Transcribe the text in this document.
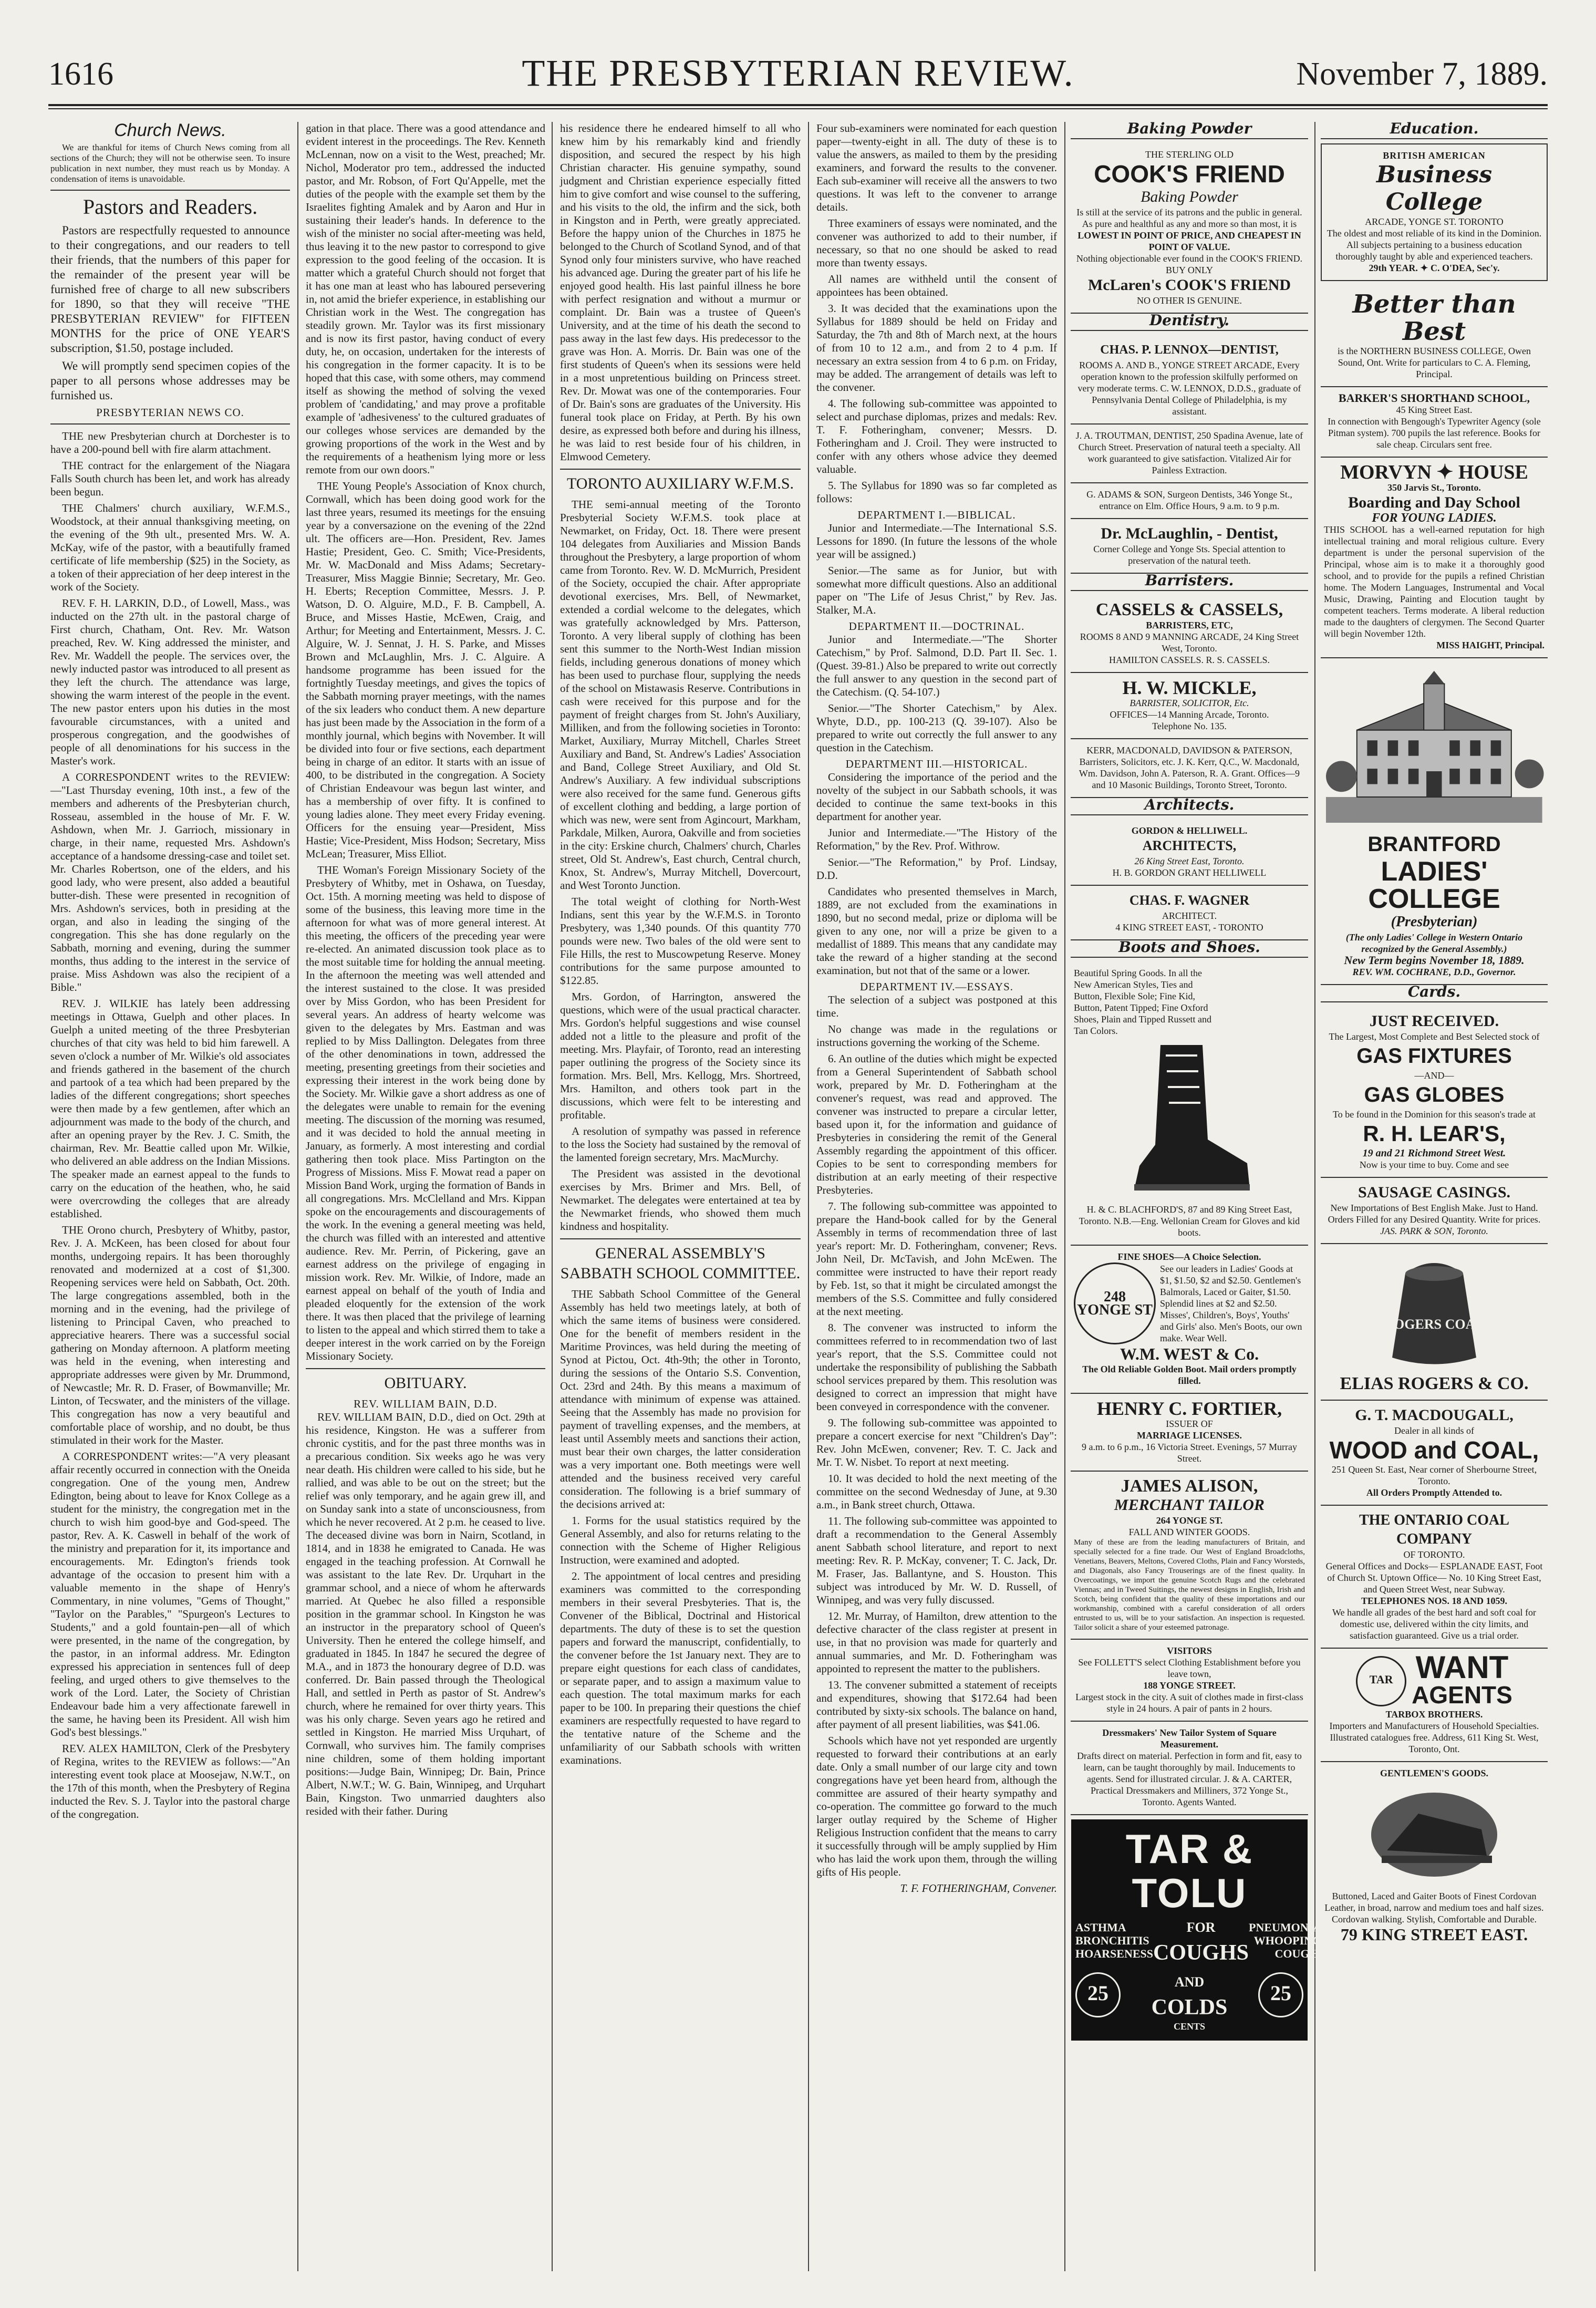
1616	THE PRESBYTERIAN REVIEW.	November 7, 1889.
Church News.

We are thankful for items of Church News coming from all sections of the Church; they will not be otherwise seen. To insure publication in next number, they must reach us by Monday. A condensation of items is unavoidable.

Pastors and Readers.

Pastors are respectfully requested to announce to their congregations, and our readers to tell their friends, that the numbers of this paper for the remainder of the present year will be furnished free of charge to all new subscribers for 1890, so that they will receive "THE PRESBYTERIAN REVIEW" for FIFTEEN MONTHS for the price of ONE YEAR'S subscription, $1.50, postage included.

We will promptly send specimen copies of the paper to all persons whose addresses may be furnished us.

PRESBYTERIAN NEWS CO.

THE new Presbyterian church at Dorchester is to have a 200-pound bell with fire alarm attachment.

THE contract for the enlargement of the Niagara Falls South church has been let, and work has already been begun.

THE Chalmers' church auxiliary, W.F.M.S., Woodstock, at their annual thanksgiving meeting, on the evening of the 9th ult., presented Mrs. W. A. McKay, wife of the pastor, with a beautifully framed certificate of life membership ($25) in the Society, as a token of their appreciation of her deep interest in the work of the Society.

REV. F. H. LARKIN, D.D., of Lowell, Mass., was inducted on the 27th ult. in the pastoral charge of First church, Chatham, Ont. Rev. Mr. Watson preached, Rev. W. King addressed the minister, and Rev. Mr. Waddell the people. The services over, the newly inducted pastor was introduced to all present as they left the church. The attendance was large, showing the warm interest of the people in the event. The new pastor enters upon his duties in the most favourable circumstances, with a united and prosperous congregation, and the goodwishes of people of all denominations for his success in the Master's work.

A CORRESPONDENT writes to the REVIEW:—"Last Thursday evening, 10th inst., a few of the members and adherents of the Presbyterian church, Rosseau, assembled in the house of Mr. F. W. Ashdown, when Mr. J. Garrioch, missionary in charge, in their name, requested Mrs. Ashdown's acceptance of a handsome dressing-case and toilet set. Mr. Charles Robertson, one of the elders, and his good lady, who were present, also added a beautiful butter-dish. These were presented in recognition of Mrs. Ashdown's services, both in presiding at the organ, and also in leading the singing of the congregation. This she has done regularly on the Sabbath, morning and evening, during the summer months, thus adding to the interest in the service of praise. Miss Ashdown was also the recipient of a Bible."

REV. J. WILKIE has lately been addressing meetings in Ottawa, Guelph and other places. In Guelph a united meeting of the three Presbyterian churches of that city was held to bid him farewell. A seven o'clock a number of Mr. Wilkie's old associates and friends gathered in the basement of the church and partook of a tea which had been prepared by the ladies of the different congregations; short speeches were then made by a few gentlemen, after which an adjournment was made to the body of the church, and after an opening prayer by the Rev. J. C. Smith, the chairman, Rev. Mr. Beattie called upon Mr. Wilkie, who delivered an able address on the Indian Missions. The speaker made an earnest appeal to the funds to carry on the education of the heathen, who, he said were overcrowding the colleges that are already established.

THE Orono church, Presbytery of Whitby, pastor, Rev. J. A. McKeen, has been closed for about four months, undergoing repairs. It has been thoroughly renovated and modernized at a cost of $1,300. Reopening services were held on Sabbath, Oct. 20th. The large congregations assembled, both in the morning and in the evening, had the privilege of listening to Principal Caven, who preached to appreciative hearers. There was a successful social gathering on Monday afternoon. A platform meeting was held in the evening, when interesting and appropriate addresses were given by Mr. Drummond, of Newcastle; Mr. R. D. Fraser, of Bowmanville; Mr. Linton, of Tecswater, and the ministers of the village. This congregation has now a very beautiful and comfortable place of worship, and no doubt, be thus stimulated in their work for the Master.

A CORRESPONDENT writes:—"A very pleasant affair recently occurred in connection with the Oneida congregation. One of the young men, Andrew Edington, being about to leave for Knox College as a student for the ministry, the congregation met in the church to wish him good-bye and God-speed. The pastor, Rev. A. K. Caswell in behalf of the work of the ministry and preparation for it, its importance and encouragements. Mr. Edington's friends took advantage of the occasion to present him with a valuable memento in the shape of Henry's Commentary, in nine volumes, "Gems of Thought," "Taylor on the Parables," "Spurgeon's Lectures to Students," and a gold fountain-pen—all of which were presented, in the name of the congregation, by the pastor, in an informal address. Mr. Edington expressed his appreciation in sentences full of deep feeling, and urged others to give themselves to the work of the Lord. Later, the Society of Christian Endeavour bade him a very affectionate farewell in the same, he having been its President. All wish him God's best blessings."

REV. ALEX HAMILTON, Clerk of the Presbytery of Regina, writes to the REVIEW as follows:—"An interesting event took place at Moosejaw, N.W.T., on the 17th of this month, when the Presbytery of Regina inducted the Rev. S. J. Taylor into the pastoral charge of the congregation.

gation in that place. There was a good attendance and evident interest in the proceedings. The Rev. Kenneth McLennan, now on a visit to the West, preached; Mr. Nichol, Moderator pro tem., addressed the inducted pastor, and Mr. Robson, of Fort Qu'Appelle, met the duties of the people with the example set them by the Israelites fighting Amalek and by Aaron and Hur in sustaining their leader's hands. In deference to the wish of the minister no social after-meeting was held, thus leaving it to the new pastor to correspond to give expression to the good feeling of the occasion. It is matter which a grateful Church should not forget that it has one man at least who has laboured persevering in, not amid the briefer experience, in establishing our Christian work in the West. The congregation has steadily grown. Mr. Taylor was its first missionary and is now its first pastor, having conduct of every duty, he, on occasion, undertaken for the interests of his congregation in the former capacity. It is to be hoped that this case, with some others, may commend itself as showing the method of solving the vexed problem of 'candidating,' and may prove a profitable example of 'adhesiveness' to the cultured graduates of our colleges whose services are demanded by the growing proportions of the work in the West and by the requirements of a heathenism lying more or less remote from our own doors."

THE Young People's Association of Knox church, Cornwall, which has been doing good work for the last three years, resumed its meetings for the ensuing year by a conversazione on the evening of the 22nd ult. The officers are—Hon. President, Rev. James Hastie; President, Geo. C. Smith; Vice-Presidents, Mr. W. MacDonald and Miss Adams; Secretary-Treasurer, Miss Maggie Binnie; Secretary, Mr. Geo. H. Eberts; Reception Committee, Messrs. J. P. Watson, D. O. Alguire, M.D., F. B. Campbell, A. Bruce, and Misses Hastie, McEwen, Craig, and Arthur; for Meeting and Entertainment, Messrs. J. C. Alguire, W. J. Sennat, J. H. S. Parke, and Misses Brown and McLaughlin, Mrs. J. C. Alguire. A handsome programme has been issued for the fortnightly Tuesday meetings, and gives the topics of the Sabbath morning prayer meetings, with the names of the six leaders who conduct them. A new departure has just been made by the Association in the form of a monthly journal, which begins with November. It will be divided into four or five sections, each department being in charge of an editor. It starts with an issue of 400, to be distributed in the congregation. A Society of Christian Endeavour was begun last winter, and has a membership of over fifty. It is confined to young ladies alone. They meet every Friday evening. Officers for the ensuing year—President, Miss Hastie; Vice-President, Miss Hodson; Secretary, Miss McLean; Treasurer, Miss Elliot.

THE Woman's Foreign Missionary Society of the Presbytery of Whitby, met in Oshawa, on Tuesday, Oct. 15th. A morning meeting was held to dispose of some of the business, this leaving more time in the afternoon for what was of more general interest. At this meeting, the officers of the preceding year were re-elected. An animated discussion took place as to the most suitable time for holding the annual meeting. In the afternoon the meeting was well attended and the interest sustained to the close. It was presided over by Miss Gordon, who has been President for several years. An address of hearty welcome was given to the delegates by Mrs. Eastman and was replied to by Miss Dallington. Delegates from three of the other denominations in town, addressed the meeting, presenting greetings from their societies and expressing their interest in the work being done by the Society. Mr. Wilkie gave a short address as one of the delegates were unable to remain for the evening meeting. The discussion of the morning was resumed, and it was decided to hold the annual meeting in January, as formerly. A most interesting and cordial gathering then took place. Miss Partington on the Progress of Missions. Miss F. Mowat read a paper on Mission Band Work, urging the formation of Bands in all congregations. Mrs. McClelland and Mrs. Kippan spoke on the encouragements and discouragements of the work. In the evening a general meeting was held, the church was filled with an interested and attentive audience. Rev. Mr. Perrin, of Pickering, gave an earnest address on the privilege of engaging in mission work. Rev. Mr. Wilkie, of Indore, made an earnest appeal on behalf of the youth of India and pleaded eloquently for the extension of the work there. It was then placed that the privilege of learning to listen to the appeal and which stirred them to take a deeper interest in the work carried on by the Foreign Missionary Society.

OBITUARY.
REV. WILLIAM BAIN, D.D.

REV. WILLIAM BAIN, D.D., died on Oct. 29th at his residence, Kingston. He was a sufferer from chronic cystitis, and for the past three months was in a precarious condition. Six weeks ago he was very near death. His children were called to his side, but he rallied, and was able to be out on the street; but the relief was only temporary, and he again grew ill, and on Sunday sank into a state of unconsciousness, from which he never recovered. At 2 p.m. he ceased to live. The deceased divine was born in Nairn, Scotland, in 1814, and in 1838 he emigrated to Canada. He was engaged in the teaching profession. At Cornwall he was assistant to the late Rev. Dr. Urquhart in the grammar school, and a niece of whom he afterwards married. At Quebec he also filled a responsible position in the grammar school. In Kingston he was an instructor in the preparatory school of Queen's University. Then he entered the college himself, and graduated in 1845. In 1847 he secured the degree of M.A., and in 1873 the honourary degree of D.D. was conferred. Dr. Bain passed through the Theological Hall, and settled in Perth as pastor of St. Andrew's church, where he remained for over thirty years. This was his only charge. Seven years ago he retired and settled in Kingston. He married Miss Urquhart, of Cornwall, who survives him. The family comprises nine children, some of them holding important positions:—Judge Bain, Winnipeg; Dr. Bain, Prince Albert, N.W.T.; W. G. Bain, Winnipeg, and Urquhart Bain, Kingston. Two unmarried daughters also resided with their father. During

his residence there he endeared himself to all who knew him by his remarkably kind and friendly disposition, and secured the respect by his high Christian character. His genuine sympathy, sound judgment and Christian experience especially fitted him to give comfort and wise counsel to the suffering, and his visits to the old, the infirm and the sick, both in Kingston and in Perth, were greatly appreciated. Before the happy union of the Churches in 1875 he belonged to the Church of Scotland Synod, and of that Synod only four ministers survive, who have reached his advanced age. During the greater part of his life he enjoyed good health. His last painful illness he bore with perfect resignation and without a murmur or complaint. Dr. Bain was a trustee of Queen's University, and at the time of his death the second to pass away in the last few days. His predecessor to the grave was Hon. A. Morris. Dr. Bain was one of the first students of Queen's when its sessions were held in a most unpretentious building on Princess street. Rev. Dr. Mowat was one of the contemporaries. Four of Dr. Bain's sons are graduates of the University. His funeral took place on Friday, at Perth. By his own desire, as expressed both before and during his illness, he was laid to rest beside four of his children, in Elmwood Cemetery.

TORONTO AUXILIARY W.F.M.S.

THE semi-annual meeting of the Toronto Presbyterial Society W.F.M.S. took place at Newmarket, on Friday, Oct. 18. There were present 104 delegates from Auxiliaries and Mission Bands throughout the Presbytery, a large proportion of whom came from Toronto. Rev. W. D. McMurrich, President of the Society, occupied the chair. After appropriate devotional exercises, Mrs. Bell, of Newmarket, extended a cordial welcome to the delegates, which was gratefully acknowledged by Mrs. Patterson, Toronto. A very liberal supply of clothing has been sent this summer to the North-West Indian mission fields, including generous donations of money which has been used to purchase flour, supplying the needs of the school on Mistawasis Reserve. Contributions in cash were received for this purpose and for the payment of freight charges from St. John's Auxiliary, Milliken, and from the following societies in Toronto: Market, Auxiliary, Murray Mitchell, Charles Street Auxiliary and Band, St. Andrew's Ladies' Association and Band, College Street Auxiliary, and Old St. Andrew's Auxiliary. A few individual subscriptions were also received for the same fund. Generous gifts of excellent clothing and bedding, a large portion of which was new, were sent from Agincourt, Markham, Parkdale, Milken, Aurora, Oakville and from societies in the city: Erskine church, Chalmers' church, Charles street, Old St. Andrew's, East church, Central church, Knox, St. Andrew's, Murray Mitchell, Dovercourt, and West Toronto Junction.

The total weight of clothing for North-West Indians, sent this year by the W.F.M.S. in Toronto Presbytery, was 1,340 pounds. Of this quantity 770 pounds were new. Two bales of the old were sent to File Hills, the rest to Muscowpetung Reserve. Money contributions for the same purpose amounted to $122.85.

Mrs. Gordon, of Harrington, answered the questions, which were of the usual practical character. Mrs. Gordon's helpful suggestions and wise counsel added not a little to the pleasure and profit of the meeting. Mrs. Playfair, of Toronto, read an interesting paper outlining the progress of the Society since its formation. Mrs. Bell, Mrs. Kellogg, Mrs. Shortreed, Mrs. Hamilton, and others took part in the discussions, which were felt to be interesting and profitable.

A resolution of sympathy was passed in reference to the loss the Society had sustained by the removal of the lamented foreign secretary, Mrs. MacMurchy.

The President was assisted in the devotional exercises by Mrs. Brimer and Mrs. Bell, of Newmarket. The delegates were entertained at tea by the Newmarket friends, who showed them much kindness and hospitality.

GENERAL ASSEMBLY'S SABBATH SCHOOL COMMITTEE.

THE Sabbath School Committee of the General Assembly has held two meetings lately, at both of which the same items of business were considered. One for the benefit of members resident in the Maritime Provinces, was held during the meeting of Synod at Pictou, Oct. 4th-9th; the other in Toronto, during the sessions of the Ontario S.S. Convention, Oct. 23rd and 24th. By this means a maximum of attendance with minimum of expense was attained. Seeing that the Assembly has made no provision for payment of travelling expenses, and the members, at least until Assembly meets and sanctions their action, must bear their own charges, the latter consideration was a very important one. Both meetings were well attended and the business received very careful consideration. The following is a brief summary of the decisions arrived at:

1. Forms for the usual statistics required by the General Assembly, and also for returns relating to the connection with the Scheme of Higher Religious Instruction, were examined and adopted.

2. The appointment of local centres and presiding examiners was committed to the corresponding members in their several Presbyteries. That is, the Convener of the Biblical, Doctrinal and Historical departments. The duty of these is to set the question papers and forward the manuscript, confidentially, to the convener before the 1st January next. They are to prepare eight questions for each class of candidates, or separate paper, and to assign a maximum value to each question. The total maximum marks for each paper to be 100. In preparing their questions the chief examiners are respectfully requested to have regard to the tentative nature of the Scheme and the unfamiliarity of our Sabbath schools with written examinations.

Four sub-examiners were nominated for each question paper—twenty-eight in all. The duty of these is to value the answers, as mailed to them by the presiding examiners, and forward the results to the convener. Each sub-examiner will receive all the answers to two questions. It was left to the convener to arrange details.

Three examiners of essays were nominated, and the convener was authorized to add to their number, if necessary, so that no one should be asked to read more than twenty essays.

All names are withheld until the consent of appointees has been obtained.

3. It was decided that the examinations upon the Syllabus for 1889 should be held on Friday and Saturday, the 7th and 8th of March next, at the hours of from 10 to 12 a.m., and from 2 to 4 p.m. If necessary an extra session from 4 to 6 p.m. on Friday, may be added. The arrangement of details was left to the convener.

4. The following sub-committee was appointed to select and purchase diplomas, prizes and medals: Rev. T. F. Fotheringham, convener; Messrs. D. Fotheringham and J. Croil. They were instructed to confer with any others whose advice they deemed valuable.

5. The Syllabus for 1890 was so far completed as follows:

DEPARTMENT I.—BIBLICAL.

Junior and Intermediate.—The International S.S. Lessons for 1890. (In future the lessons of the whole year will be assigned.)

Senior.—The same as for Junior, but with somewhat more difficult questions. Also an additional paper on "The Life of Jesus Christ," by Rev. Jas. Stalker, M.A.

DEPARTMENT II.—DOCTRINAL.

Junior and Intermediate.—"The Shorter Catechism," by Prof. Salmond, D.D. Part II. Sec. 1. (Quest. 39-81.) Also be prepared to write out correctly the full answer to any question in the second part of the Catechism. (Q. 54-107.)

Senior.—"The Shorter Catechism," by Alex. Whyte, D.D., pp. 100-213 (Q. 39-107). Also be prepared to write out correctly the full answer to any question in the Catechism.

DEPARTMENT III.—HISTORICAL.

Considering the importance of the period and the novelty of the subject in our Sabbath schools, it was decided to continue the same text-books in this department for another year.

Junior and Intermediate.—"The History of the Reformation," by the Rev. Prof. Withrow.

Senior.—"The Reformation," by Prof. Lindsay, D.D.

Candidates who presented themselves in March, 1889, are not excluded from the examinations in 1890, but no second medal, prize or diploma will be given to any one, nor will a prize be given to a medallist of 1889. This means that any candidate may take the reward of a higher standing at the second examination, but not that of the same or a lower.

DEPARTMENT IV.—ESSAYS.

The selection of a subject was postponed at this time.

No change was made in the regulations or instructions governing the working of the Scheme.

6. An outline of the duties which might be expected from a General Superintendent of Sabbath school work, prepared by Mr. D. Fotheringham at the convener's request, was read and approved. The convener was instructed to prepare a circular letter, based upon it, for the information and guidance of Presbyteries in considering the remit of the General Assembly regarding the appointment of this officer. Copies to be sent to corresponding members for distribution at an early meeting of their respective Presbyteries.

7. The following sub-committee was appointed to prepare the Hand-book called for by the General Assembly in terms of recommendation three of last year's report: Mr. D. Fotheringham, convener; Revs. John Neil, Dr. McTavish, and John McEwen. The committee were instructed to have their report ready by Feb. 1st, so that it might be circulated amongst the members of the S.S. Committee and fully considered at the next meeting.

8. The convener was instructed to inform the committees referred to in recommendation two of last year's report, that the S.S. Committee could not undertake the responsibility of publishing the Sabbath school services prepared by them. This resolution was designed to correct an impression that might have been conveyed in correspondence with the convener.

9. The following sub-committee was appointed to prepare a concert exercise for next "Children's Day": Rev. John McEwen, convener; Rev. T. C. Jack and Mr. T. W. Nisbet. To report at next meeting.

10. It was decided to hold the next meeting of the committee on the second Wednesday of June, at 9.30 a.m., in Bank street church, Ottawa.

11. The following sub-committee was appointed to draft a recommendation to the General Assembly anent Sabbath school literature, and report to next meeting: Rev. R. P. McKay, convener; T. C. Jack, Dr. M. Fraser, Jas. Ballantyne, and S. Houston. This subject was introduced by Mr. W. D. Russell, of Winnipeg, and was very fully discussed.

12. Mr. Murray, of Hamilton, drew attention to the defective character of the class register at present in use, in that no provision was made for quarterly and annual summaries, and Mr. D. Fotheringham was appointed to represent the matter to the publishers.

13. The convener submitted a statement of receipts and expenditures, showing that $172.64 had been contributed by sixty-six schools. The balance on hand, after payment of all present liabilities, was $41.06.

Schools which have not yet responded are urgently requested to forward their contributions at an early date. Only a small number of our large city and town congregations have yet been heard from, although the committee are assured of their hearty sympathy and co-operation. The committee go forward to the much larger outlay required by the Scheme of Higher Religious Instruction confident that the means to carry it successfully through will be amply supplied by Him who has laid the work upon them, through the willing gifts of His people.

T. F. FOTHERINGHAM, Convener.
Baking Powder
THE STERLING OLD
COOK'S FRIEND
Baking Powder
Is still at the service of its patrons and the public in general. As pure and healthful as any and more so than most, it is
LOWEST IN POINT OF PRICE, AND CHEAPEST IN POINT OF VALUE.
Nothing objectionable ever found in the COOK'S FRIEND. BUY ONLY
McLaren's COOK'S FRIEND
NO OTHER IS GENUINE.
Dentistry.
CHAS. P. LENNOX—DENTIST,
ROOMS A. AND B., YONGE STREET ARCADE, Every operation known to the profession skilfully performed on very moderate terms. C. W. LENNOX, D.D.S., graduate of Pennsylvania Dental College of Philadelphia, is my assistant.
J. A. TROUTMAN, DENTIST, 250 Spadina Avenue, late of Church Street. Preservation of natural teeth a specialty. All work guaranteed to give satisfaction. Vitalized Air for Painless Extraction.
G. ADAMS & SON, Surgeon Dentists, 346 Yonge St., entrance on Elm. Office Hours, 9 a.m. to 9 p.m.
Dr. McLaughlin, - Dentist,
Corner College and Yonge Sts. Special attention to preservation of the natural teeth.
Barristers.
CASSELS & CASSELS,
BARRISTERS, ETC,
ROOMS 8 AND 9 MANNING ARCADE, 24 King Street West, Toronto.
HAMILTON CASSELS. R. S. CASSELS.
H. W. MICKLE,
BARRISTER, SOLICITOR, Etc.
OFFICES—14 Manning Arcade, Toronto.
Telephone No. 135.
KERR, MACDONALD, DAVIDSON & PATERSON, Barristers, Solicitors, etc. J. K. Kerr, Q.C., W. Macdonald, Wm. Davidson, John A. Paterson, R. A. Grant. Offices—9 and 10 Masonic Buildings, Toronto Street, Toronto.
Architects.
GORDON & HELLIWELL.
ARCHITECTS,
26 King Street East, Toronto.
H. B. GORDON GRANT HELLIWELL
CHAS. F. WAGNER
ARCHITECT.
4 KING STREET EAST, - TORONTO
Boots and Shoes.
Beautiful Spring Goods. In all the New American Styles, Ties and Button, Flexible Sole; Fine Kid, Button, Patent Tipped; Fine Oxford Shoes, Plain and Tipped Russett and Tan Colors.
H. & C. BLACHFORD'S, 87 and 89 King Street East, Toronto. N.B.—Eng. Wellonian Cream for Gloves and kid boots.
FINE SHOES—A Choice Selection.
248 YONGE ST
See our leaders in Ladies' Goods at $1, $1.50, $2 and $2.50. Gentlemen's Balmorals, Laced or Gaiter, $1.50. Splendid lines at $2 and $2.50. Misses', Children's, Boys', Youths' and Girls' also. Men's Boots, our own make. Wear Well.
W.M. WEST & Co.
The Old Reliable Golden Boot. Mail orders promptly filled.
HENRY C. FORTIER,
ISSUER OF
MARRIAGE LICENSES.
9 a.m. to 6 p.m., 16 Victoria Street. Evenings, 57 Murray Street.
JAMES ALISON,
MERCHANT TAILOR
264 YONGE ST.
FALL AND WINTER GOODS.
Many of these are from the leading manufacturers of Britain, and specially selected for a fine trade. Our West of England Broadcloths, Venetians, Beavers, Meltons, Covered Cloths, Plain and Fancy Worsteds, and Diagonals, also Fancy Trouserings are of the finest quality. In Overcoatings, we import the genuine Scotch Rugs and the celebrated Viennas; and in Tweed Suitings, the newest designs in English, Irish and Scotch, being confident that the quality of these importations and our workmanship, combined with a careful consideration of all orders entrusted to us, will be to your satisfaction. An inspection is requested. Tailor solicit a share of your esteemed patronage.
VISITORS
See FOLLETT'S select Clothing Establishment before you leave town,
188 YONGE STREET.
Largest stock in the city. A suit of clothes made in first-class style in 24 hours. A pair of pants in 2 hours.
Dressmakers' New Tailor System of Square Measurement.
Drafts direct on material. Perfection in form and fit, easy to learn, can be taught thoroughly by mail. Inducements to agents. Send for illustrated circular. J. & A. CARTER, Practical Dressmakers and Milliners, 372 Yonge St., Toronto. Agents Wanted.
TAR & TOLU
ASTHMA
BRONCHITIS
HOARSENESS
FOR
COUGHS
PNEUMONIA
WHOOPING
COUGH.
25	AND
COLDS
25
CENTS
Education.
BRITISH AMERICAN
Business College
ARCADE, YONGE ST. TORONTO
The oldest and most reliable of its kind in the Dominion. All subjects pertaining to a business education thoroughly taught by able and experienced teachers.
29th YEAR. ✦ C. O'DEA, Sec'y.
Better than Best
is the NORTHERN BUSINESS COLLEGE, Owen Sound, Ont. Write for particulars to C. A. Fleming, Principal.
BARKER'S SHORTHAND SCHOOL,
45 King Street East.
In connection with Bengough's Typewriter Agency (sole Pitman system). 700 pupils the last reference. Books for sale cheap. Circulars sent free.
MORVYN ✦ HOUSE
350 Jarvis St., Toronto.
Boarding and Day School
FOR YOUNG LADIES.
THIS SCHOOL has a well-earned reputation for high intellectual training and moral religious culture. Every department is under the personal supervision of the Principal, whose aim is to make it a thoroughly good school, and to provide for the pupils a refined Christian home. The Modern Languages, Instrumental and Vocal Music, Drawing, Painting and Elocution taught by competent teachers. Terms moderate. A liberal reduction made to the daughters of clergymen. The Second Quarter will begin November 12th.
MISS HAIGHT, Principal.
BRANTFORD
LADIES' COLLEGE
(Presbyterian)
(The only Ladies' College in Western Ontario recognized by the General Assembly.)
New Term begins November 18, 1889.
REV. WM. COCHRANE, D.D., Governor.
Cards.
JUST RECEIVED.
The Largest, Most Complete and Best Selected stock of
GAS FIXTURES
—AND—
GAS GLOBES
To be found in the Dominion for this season's trade at
R. H. LEAR'S,
19 and 21 Richmond Street West.
Now is your time to buy. Come and see
SAUSAGE CASINGS.
New Importations of Best English Make. Just to Hand. Orders Filled for any Desired Quantity. Write for prices.
JAS. PARK & SON, Toronto.
ROGERS COAL
ELIAS ROGERS & CO.
G. T. MACDOUGALL,
Dealer in all kinds of
WOOD and COAL,
251 Queen St. East, Near corner of Sherbourne Street, Toronto.
All Orders Promptly Attended to.
THE ONTARIO COAL COMPANY
OF TORONTO.
General Offices and Docks— ESPLANADE EAST, Foot of Church St. Uptown Office— No. 10 King Street East, and Queen Street West, near Subway.
TELEPHONES NOS. 18 AND 1059.
We handle all grades of the best hard and soft coal for domestic use, delivered within the city limits, and satisfaction guaranteed. Give us a trial order.
TAR WANT
AGENTS
TARBOX BROTHERS.
Importers and Manufacturers of Household Specialties. Illustrated catalogues free. Address, 611 King St. West, Toronto, Ont.
GENTLEMEN'S GOODS.
Buttoned, Laced and Gaiter Boots of Finest Cordovan Leather, in broad, narrow and medium toes and half sizes. Cordovan walking. Stylish, Comfortable and Durable.
79 KING STREET EAST.
